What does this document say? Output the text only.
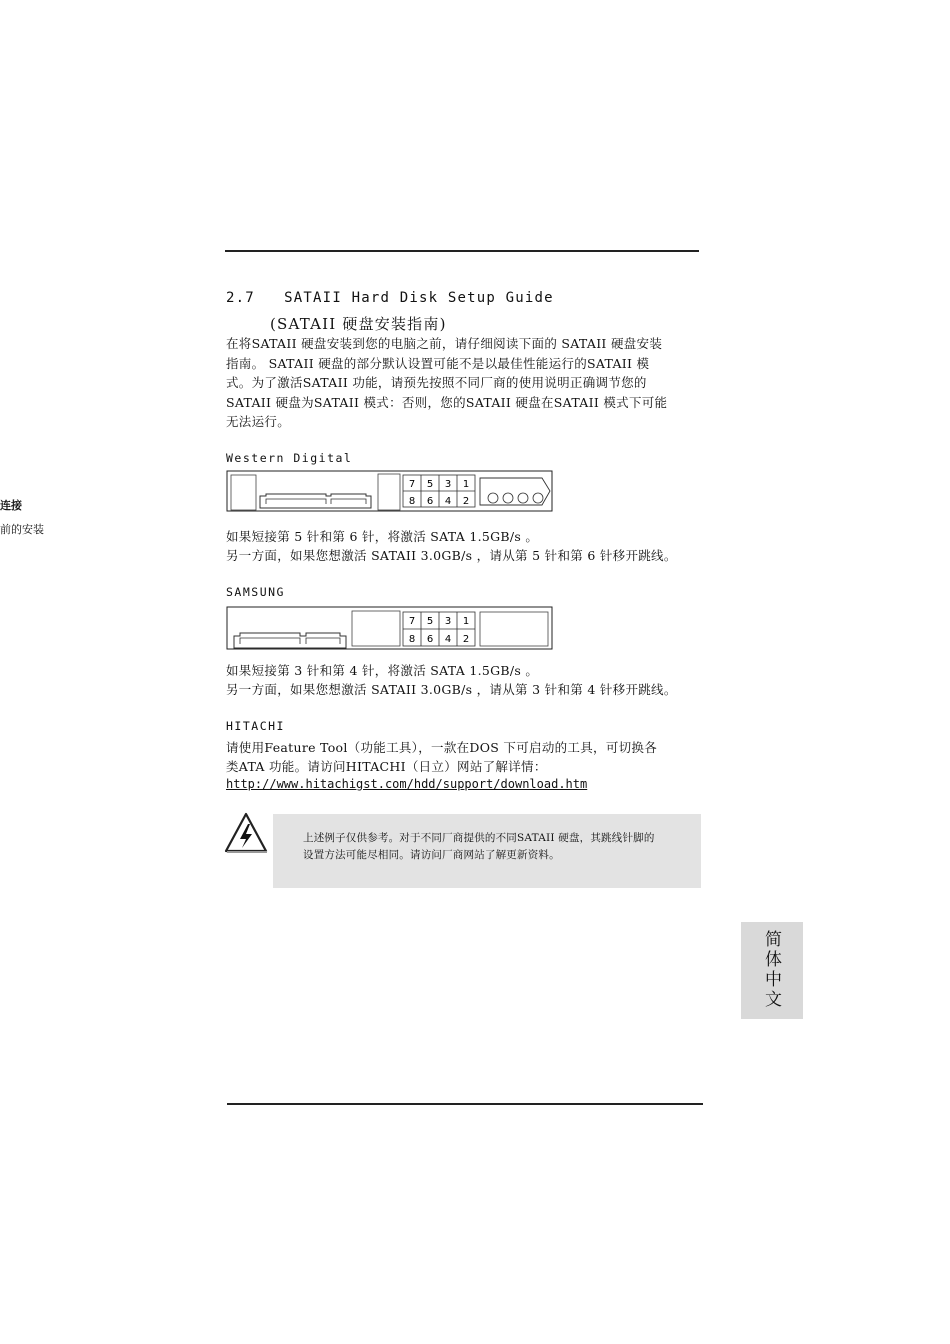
连接
前的安装
2.7 SATAII Hard Disk Setup Guide
(SATAII 硬盘安装指南)
在将SATAII 硬盘安装到您的电脑之前，请仔细阅读下面的 SATAII 硬盘安装
指南。 SATAII 硬盘的部分默认设置可能不是以最佳性能运行的SATAII 模
式。为了激活SATAII 功能，请预先按照不同厂商的使用说明正确调节您的
SATAII 硬盘为SATAII 模式：否则，您的SATAII 硬盘在SATAII 模式下可能
无法运行。
Western Digital
7 5 3 1
8 6 4 2
如果短接第 5 针和第 6 针，将激活 SATA 1.5GB/s 。
另一方面，如果您想激活 SATAII 3.0GB/s ，请从第 5 针和第 6 针移开跳线。
SAMSUNG
7 5 3 1
8 6 4 2
如果短接第 3 针和第 4 针，将激活 SATA 1.5GB/s 。
另一方面，如果您想激活 SATAII 3.0GB/s ，请从第 3 针和第 4 针移开跳线。
HITACHI
请使用Feature Tool（功能工具），一款在DOS 下可启动的工具，可切换各
类ATA 功能。请访问HITACHI（日立）网站了解详情：
http://www.hitachigst.com/hdd/support/download.htm
上述例子仅供参考。对于不同厂商提供的不同SATAII 硬盘，其跳线针脚的
设置方法可能尽相同。请访问厂商网站了解更新资料。
简体中文
